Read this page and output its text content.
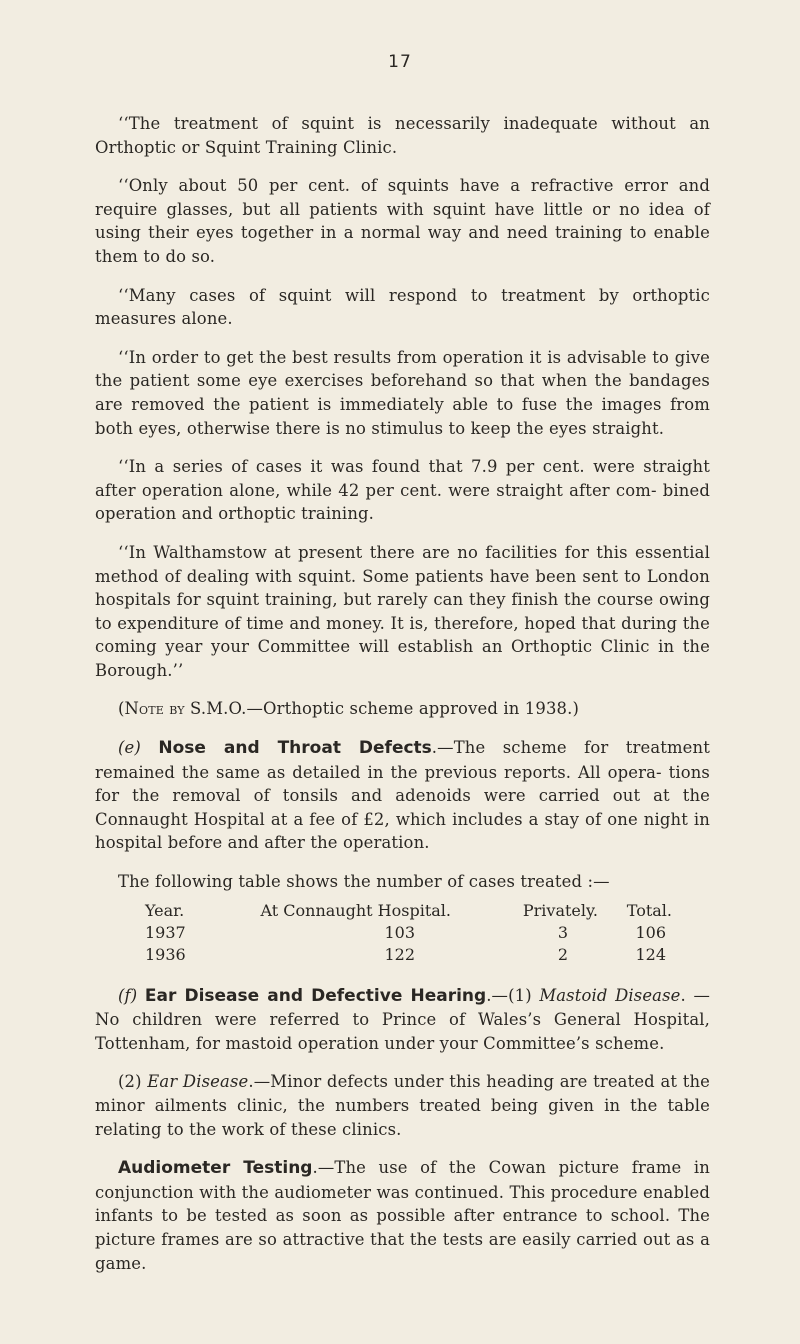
17

‘‘The treatment of squint is necessarily inadequate without an Orthoptic or Squint Training Clinic.

‘‘Only about 50 per cent. of squints have a refractive error and require glasses, but all patients with squint have little or no idea of using their eyes together in a normal way and need training to enable them to do so.

‘‘Many cases of squint will respond to treatment by orthoptic measures alone.

‘‘In order to get the best results from operation it is advisable to give the patient some eye exercises beforehand so that when the bandages are removed the patient is immediately able to fuse the images from both eyes, otherwise there is no stimulus to keep the eyes straight.

‘‘In a series of cases it was found that 7.9 per cent. were straight after operation alone, while 42 per cent. were straight after com- bined operation and orthoptic training.

‘‘In Walthamstow at present there are no facilities for this essential method of dealing with squint. Some patients have been sent to London hospitals for squint training, but rarely can they finish the course owing to expenditure of time and money. It is, therefore, hoped that during the coming year your Committee will establish an Orthoptic Clinic in the Borough.’’

(Note by S.M.O.—Orthoptic scheme approved in 1938.)

(e) Nose and Throat Defects.—The scheme for treatment remained the same as detailed in the previous reports. All opera- tions for the removal of tonsils and adenoids were carried out at the Connaught Hospital at a fee of £2, which includes a stay of one night in hospital before and after the operation.

The following table shows the number of cases treated :—

Year.	At Connaught Hospital.	Privately.	Total.
1937	103	3	106
1936	122	2	124

(f) Ear Disease and Defective Hearing.—(1) Mastoid Disease. —No children were referred to Prince of Wales’s General Hospital, Tottenham, for mastoid operation under your Committee’s scheme.

(2) Ear Disease.—Minor defects under this heading are treated at the minor ailments clinic, the numbers treated being given in the table relating to the work of these clinics.

Audiometer Testing.—The use of the Cowan picture frame in conjunction with the audiometer was continued. This procedure enabled infants to be tested as soon as possible after entrance to school. The picture frames are so attractive that the tests are easily carried out as a game.
